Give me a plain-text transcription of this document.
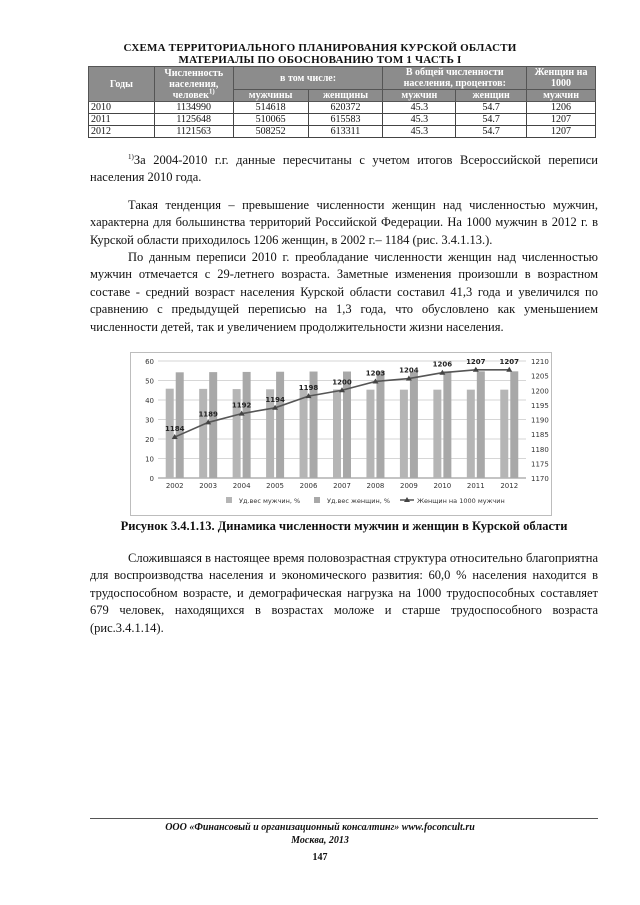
СХЕМА ТЕРРИТОРИАЛЬНОГО ПЛАНИРОВАНИЯ КУРСКОЙ ОБЛАСТИ
МАТЕРИАЛЫ ПО ОБОСНОВАНИЮ ТОМ 1 ЧАСТЬ I
Годы	Численность населения, человек$^{1)}$	в том числе:		В общей численности населения, процентов:		Женщин на 1000
		мужчины	женщины	мужчин	женщин	мужчин
2010	1134990	514618	620372	45.3	54.7	1206
2011	1125648	510065	615583	45.3	54.7	1207
2012	1121563	508252	613311	45.3	54.7	1207
$^{1)}$За 2004-2010 г.г. данные пересчитаны с учетом итогов Всероссийской переписи населения 2010 года.
Такая тенденция – превышение численности женщин над численностью мужчин, характерна для большинства территорий Российской Федерации. На 1000 мужчин в 2012 г. в Курской области приходилось 1206 женщин, в 2002 г.– 1184 (рис. 3.4.1.13.).
По данным переписи 2010 г. преобладание численности женщин над численностью мужчин отмечается с 29-летнего возраста. Заметные изменения произошли в возрастном составе - средний возраст населения Курской области составил 41,3 года и увеличился по сравнению с предыдущей переписью на 1,3 года, что обусловлено как уменьшением численности детей, так и увеличением продолжительности жизни населения.
0
10
20
30
40
50
60
1170
1175
1180
1185
1190
1195
1200
1205
1210
2002 2003 2004 2005 2006 2007 2008 2009 2010 2011 2012
1184
1189
1192
1194
1198
1200
1203 1204
1206 1207 1207
Уд.вес мужчин, %	Уд.вес женщин, %	Женщин на 1000 мужчин
Рисунок 3.4.1.13. Динамика численности мужчин и женщин в Курской области
Сложившаяся в настоящее время половозрастная структура относительно благоприятна для воспроизводства населения и экономического развития: 60,0 % населения находится в трудоспособном возрасте, и демографическая нагрузка на 1000 трудоспособных составляет 679 человек, находящихся в возрастах моложе и старше трудоспособного возраста (рис.3.4.1.14).
ООО «Финансовый и организационный консалтинг» www.foconcult.ru
Москва, 2013
147
